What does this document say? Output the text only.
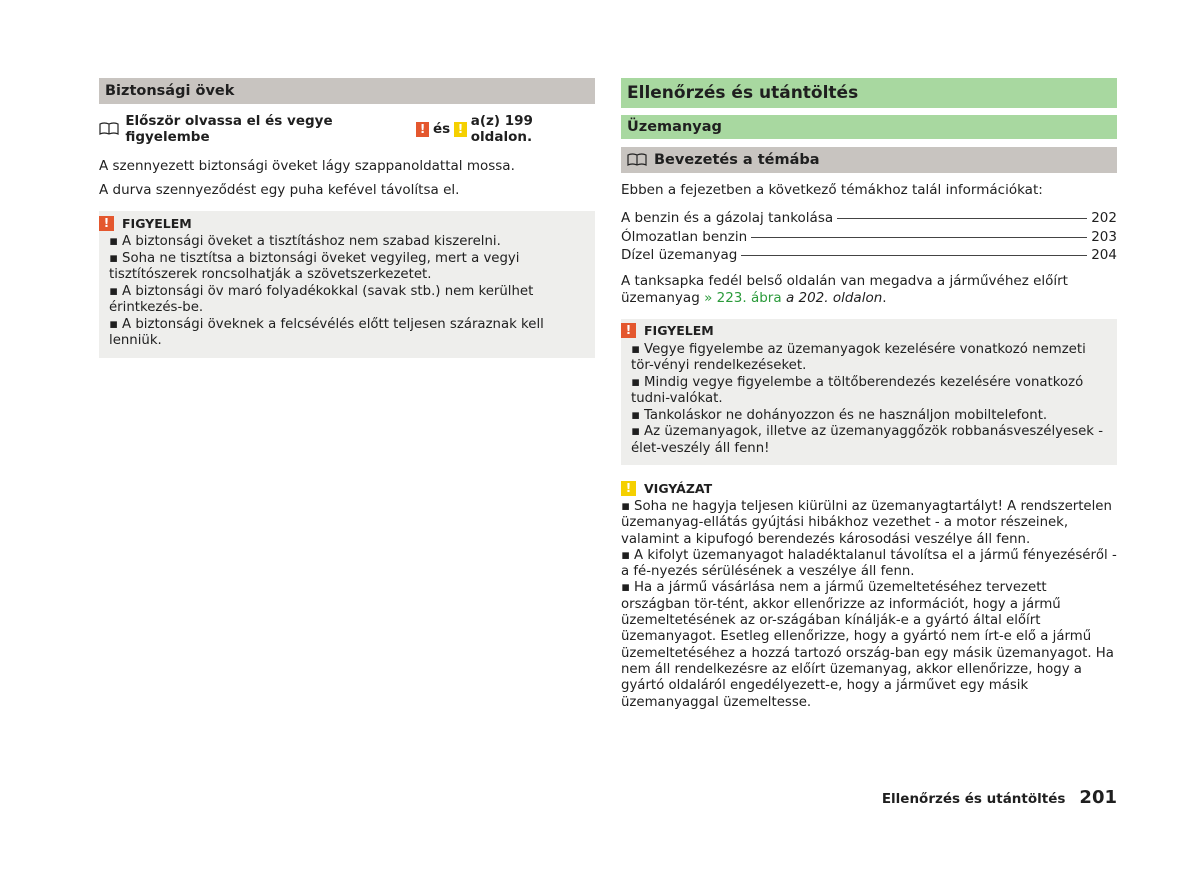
Biztonsági övek
Először olvassa el és vegye figyelembe
! és ! a(z) 199 oldalon.

A szennyezett biztonsági öveket lágy szappanoldattal mossa.

A durva szennyeződést egy puha kefével távolítsa el.

!	FIGYELEM
▪ A biztonsági öveket a tisztításhoz nem szabad kiszerelni.
▪ Soha ne tisztítsa a biztonsági öveket vegyileg, mert a vegyi tisztítószerek roncsolhatják a szövetszerkezetet.
▪ A biztonsági öv maró folyadékokkal (savak stb.) nem kerülhet érintkezés-be.
▪ A biztonsági öveknek a felcsévélés előtt teljesen száraznak kell lenniük.
Ellenőrzés és utántöltés
Üzemanyag
Bevezetés a témába

Ebben a fejezetben a következő témákhoz talál információkat:

A benzin és a gázolaj tankolása	202
Ólmozatlan benzin	203
Dízel üzemanyag	204

A tanksapka fedél belső oldalán van megadva a járművéhez előírt üzemanyag » 223. ábra a 202. oldalon.

!	FIGYELEM
▪ Vegye figyelembe az üzemanyagok kezelésére vonatkozó nemzeti tör-vényi rendelkezéseket.
▪ Mindig vegye figyelembe a töltőberendezés kezelésére vonatkozó tudni-valókat.
▪ Tankoláskor ne dohányozzon és ne használjon mobiltelefont.
▪ Az üzemanyagok, illetve az üzemanyaggőzök robbanásveszélyesek - élet-veszély áll fenn!
!	VIGYÁZAT
▪ Soha ne hagyja teljesen kiürülni az üzemanyagtartályt! A rendszertelen üzemanyag-ellátás gyújtási hibákhoz vezethet - a motor részeinek, valamint a kipufogó berendezés károsodási veszélye áll fenn.
▪ A kifolyt üzemanyagot haladéktalanul távolítsa el a jármű fényezéséről - a fé-nyezés sérülésének a veszélye áll fenn.
▪ Ha a jármű vásárlása nem a jármű üzemeltetéséhez tervezett országban tör-tént, akkor ellenőrizze az információt, hogy a jármű üzemeltetésének az or-szágában kínálják-e a gyártó által előírt üzemanyagot. Esetleg ellenőrizze, hogy a gyártó nem írt-e elő a jármű üzemeltetéséhez a hozzá tartozó ország-ban egy másik üzemanyagot. Ha nem áll rendelkezésre az előírt üzemanyag, akkor ellenőrizze, hogy a gyártó oldaláról engedélyezett-e, hogy a járművet egy másik üzemanyaggal üzemeltesse.
Ellenőrzés és utántöltés 201
